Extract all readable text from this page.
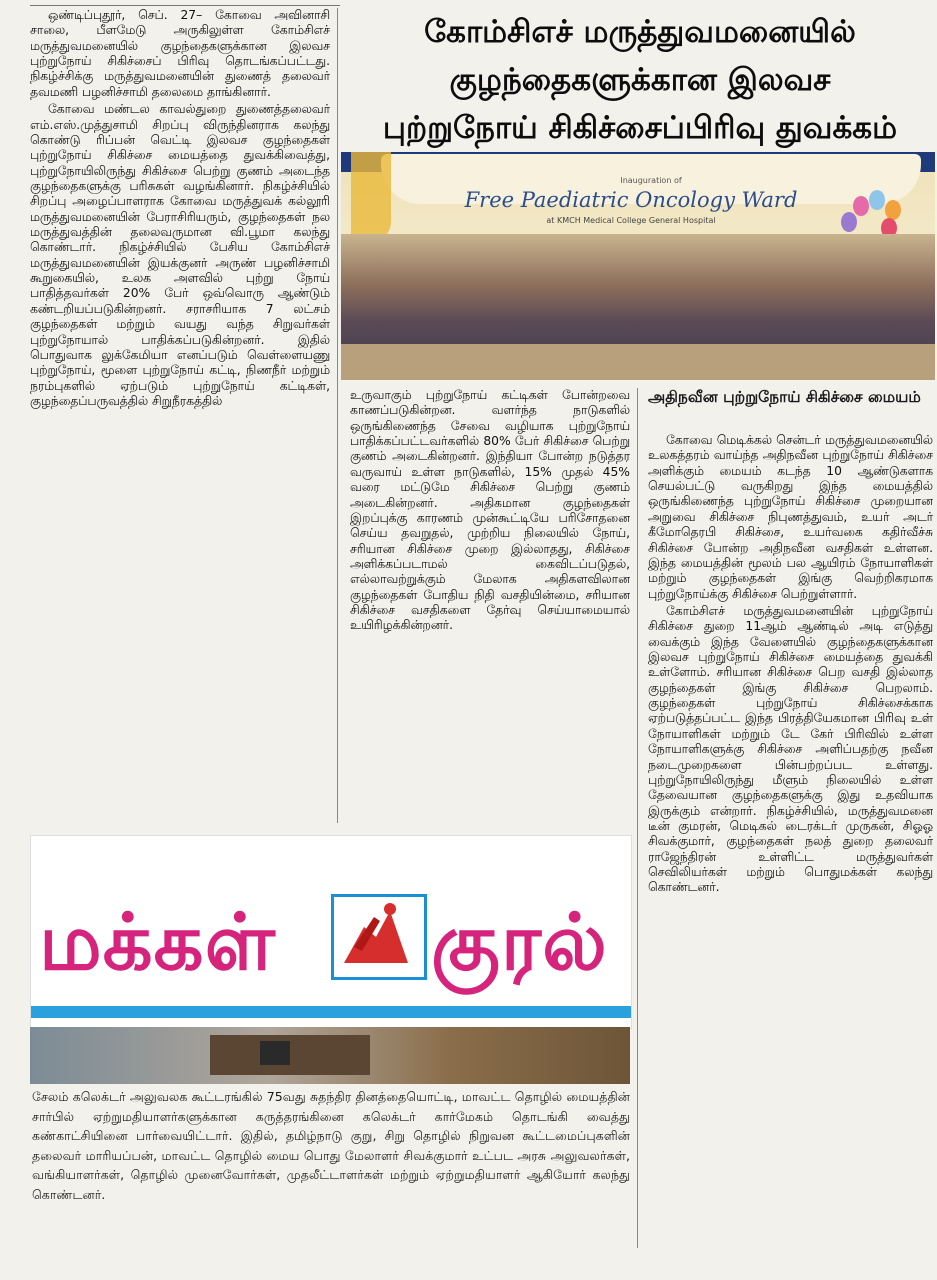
ஒண்டிப்புதூர், செப். 27– கோவை அவினாசி சாலை, பீளமேடு அருகிலுள்ள கோம்சிஎச் மருத்துவமனையில் குழந்தைகளுக்கான இலவச புற்றுநோய் சிகிச்சைப் பிரிவு தொடங்கப்பட்டது. நிகழ்ச்சிக்கு மருத்துவமனையின் துணைத் தலைவர் தவமணி பழனிச்சாமி தலைமை தாங்கினார்.

கோவை மண்டல காவல்துறை துணைத்தலைவர் எம்.எஸ்.முத்துசாமி சிறப்பு விருந்தினராக கலந்து கொண்டு ரிப்பன் வெட்டி இலவச குழந்தைகள் புற்றுநோய் சிகிச்சை மையத்தை துவக்கிவைத்து, புற்றுநோயிலிருந்து சிகிச்சை பெற்று குணம் அடைந்த குழந்தைகளுக்கு பரிசுகள் வழங்கினார். நிகழ்ச்சியில் சிறப்பு அழைப்பாளராக கோவை மருத்துவக் கல்லூரி மருத்துவமனையின் பேராசிரியரும், குழந்தைகள் நல மருத்துவத்தின் தலைவருமான வி.பூமா கலந்து கொண்டார். நிகழ்ச்சியில் பேசிய கோம்சிஎச் மருத்துவமனையின் இயக்குனர் அருண் பழனிச்சாமி கூறுகையில், உலக அளவில் புற்று நோய் பாதித்தவர்கள் 20% பேர் ஒவ்வொரு ஆண்டும் கண்டறியப்படுகின்றனர். சராசரியாக 7 லட்சம் குழந்தைகள் மற்றும் வயது வந்த சிறுவர்கள் புற்றுநோயால் பாதிக்கப்படுகின்றனர். இதில் பொதுவாக லுக்கேமியா எனப்படும் வெள்ளையணு புற்றுநோய், மூளை புற்றுநோய் கட்டி, நிணநீர் மற்றும் நரம்புகளில் ஏற்படும் புற்றுநோய் கட்டிகள், குழந்தைப்பருவத்தில் சிறுநீரகத்தில்

கோம்சிஎச் மருத்துவமனையில்
குழந்தைகளுக்கான இலவச
புற்றுநோய் சிகிச்சைப்பிரிவு துவக்கம்
Inauguration of
Free Paediatric Oncology Ward
at KMCH Medical College General Hospital

உருவாகும் புற்றுநோய் கட்டிகள் போன்றவை காணப்படுகின்றன. வளர்ந்த நாடுகளில் ஒருங்கிணைந்த சேவை வழியாக புற்றுநோய் பாதிக்கப்பட்டவர்களில் 80% பேர் சிகிச்சை பெற்று குணம் அடைகின்றனர். இந்தியா போன்ற நடுத்தர வருவாய் உள்ள நாடுகளில், 15% முதல் 45% வரை மட்டுமே சிகிச்சை பெற்று குணம் அடைகின்றனர். அதிகமான குழந்தைகள் இறப்புக்கு காரணம் முன்கூட்டியே பரிசோதனை செய்ய தவறுதல், முற்றிய நிலையில் நோய், சரியான சிகிச்சை முறை இல்லாதது, சிகிச்சை அளிக்கப்படாமல் கைவிடப்படுதல், எல்லாவற்றுக்கும் மேலாக அதிகளவிலான குழந்தைகள் போதிய நிதி வசதியின்மை, சரியான சிகிச்சை வசதிகளை தேர்வு செய்யாமையால் உயிரிழக்கின்றனர்.

அதிநவீன புற்றுநோய் சிகிச்சை மையம்

கோவை மெடிக்கல் சென்டர் மருத்துவமனையில் உலகத்தரம் வாய்ந்த அதிநவீன புற்றுநோய் சிகிச்சை அளிக்கும் மையம் கடந்த 10 ஆண்டுகளாக செயல்பட்டு வருகிறது இந்த மையத்தில் ஒருங்கிணைந்த புற்றுநோய் சிகிச்சை முறையான அறுவை சிகிச்சை நிபுணத்துவம், உயர் அடர் கீமோதெரபி சிகிச்சை, உயர்வகை கதிர்வீச்சு சிகிச்சை போன்ற அதிநவீன வசதிகள் உள்ளன. இந்த மையத்தின் மூலம் பல ஆயிரம் நோயாளிகள் மற்றும் குழந்தைகள் இங்கு வெற்றிகரமாக புற்றுநோய்க்கு சிகிச்சை பெற்றுள்ளார்.

கோம்சிஎச் மருத்துவமனையின் புற்றுநோய் சிகிச்சை துறை 11ஆம் ஆண்டில் அடி எடுத்து வைக்கும் இந்த வேளையில் குழந்தைகளுக்கான இலவச புற்றுநோய் சிகிச்சை மையத்தை துவக்கி உள்ளோம். சரியான சிகிச்சை பெற வசதி இல்லாத குழந்தைகள் இங்கு சிகிச்சை பெறலாம். குழந்தைகள் புற்றுநோய் சிகிச்சைக்காக ஏற்படுத்தப்பட்ட இந்த பிரத்தியேகமான பிரிவு உள் நோயாளிகள் மற்றும் டே கேர் பிரிவில் உள்ள நோயாளிகளுக்கு சிகிச்சை அளிப்பதற்கு நவீன நடைமுறைகளை பின்பற்றப்பட உள்ளது. புற்றுநோயிலிருந்து மீளும் நிலையில் உள்ள தேவையான குழந்தைகளுக்கு இது உதவியாக இருக்கும் என்றார். நிகழ்ச்சியில், மருத்துவமனை டீன் குமரன், மெடிகல் டைரக்டர் முருகன், சிஓஓ சிவக்குமார், குழந்தைகள் நலத் துறை தலைவர் ராஜேந்திரன் உள்ளிட்ட மருத்துவர்கள் செவிலியர்கள் மற்றும் பொதுமக்கள் கலந்து கொண்டனர்.

மக்கள் குரல்
சேலம் கலெக்டர் அலுவலக கூட்டரங்கில் 75வது சுதந்திர தினத்தையொட்டி, மாவட்ட தொழில் மையத்தின் சார்பில் ஏற்றுமதியாளர்களுக்கான கருத்தரங்கினை கலெக்டர் கார்மேகம் தொடங்கி வைத்து கண்காட்சியினை பார்வையிட்டார். இதில், தமிழ்நாடு குறு, சிறு தொழில் நிறுவன கூட்டமைப்புகளின் தலைவர் மாரியப்பன், மாவட்ட தொழில் மைய பொது மேலாளர் சிவக்குமார் உட்பட அரசு அலுவலர்கள், வங்கியாளர்கள், தொழில் முனைவோர்கள், முதலீட்டாளர்கள் மற்றும் ஏற்றுமதியாளர் ஆகியோர் கலந்து கொண்டனர்.
